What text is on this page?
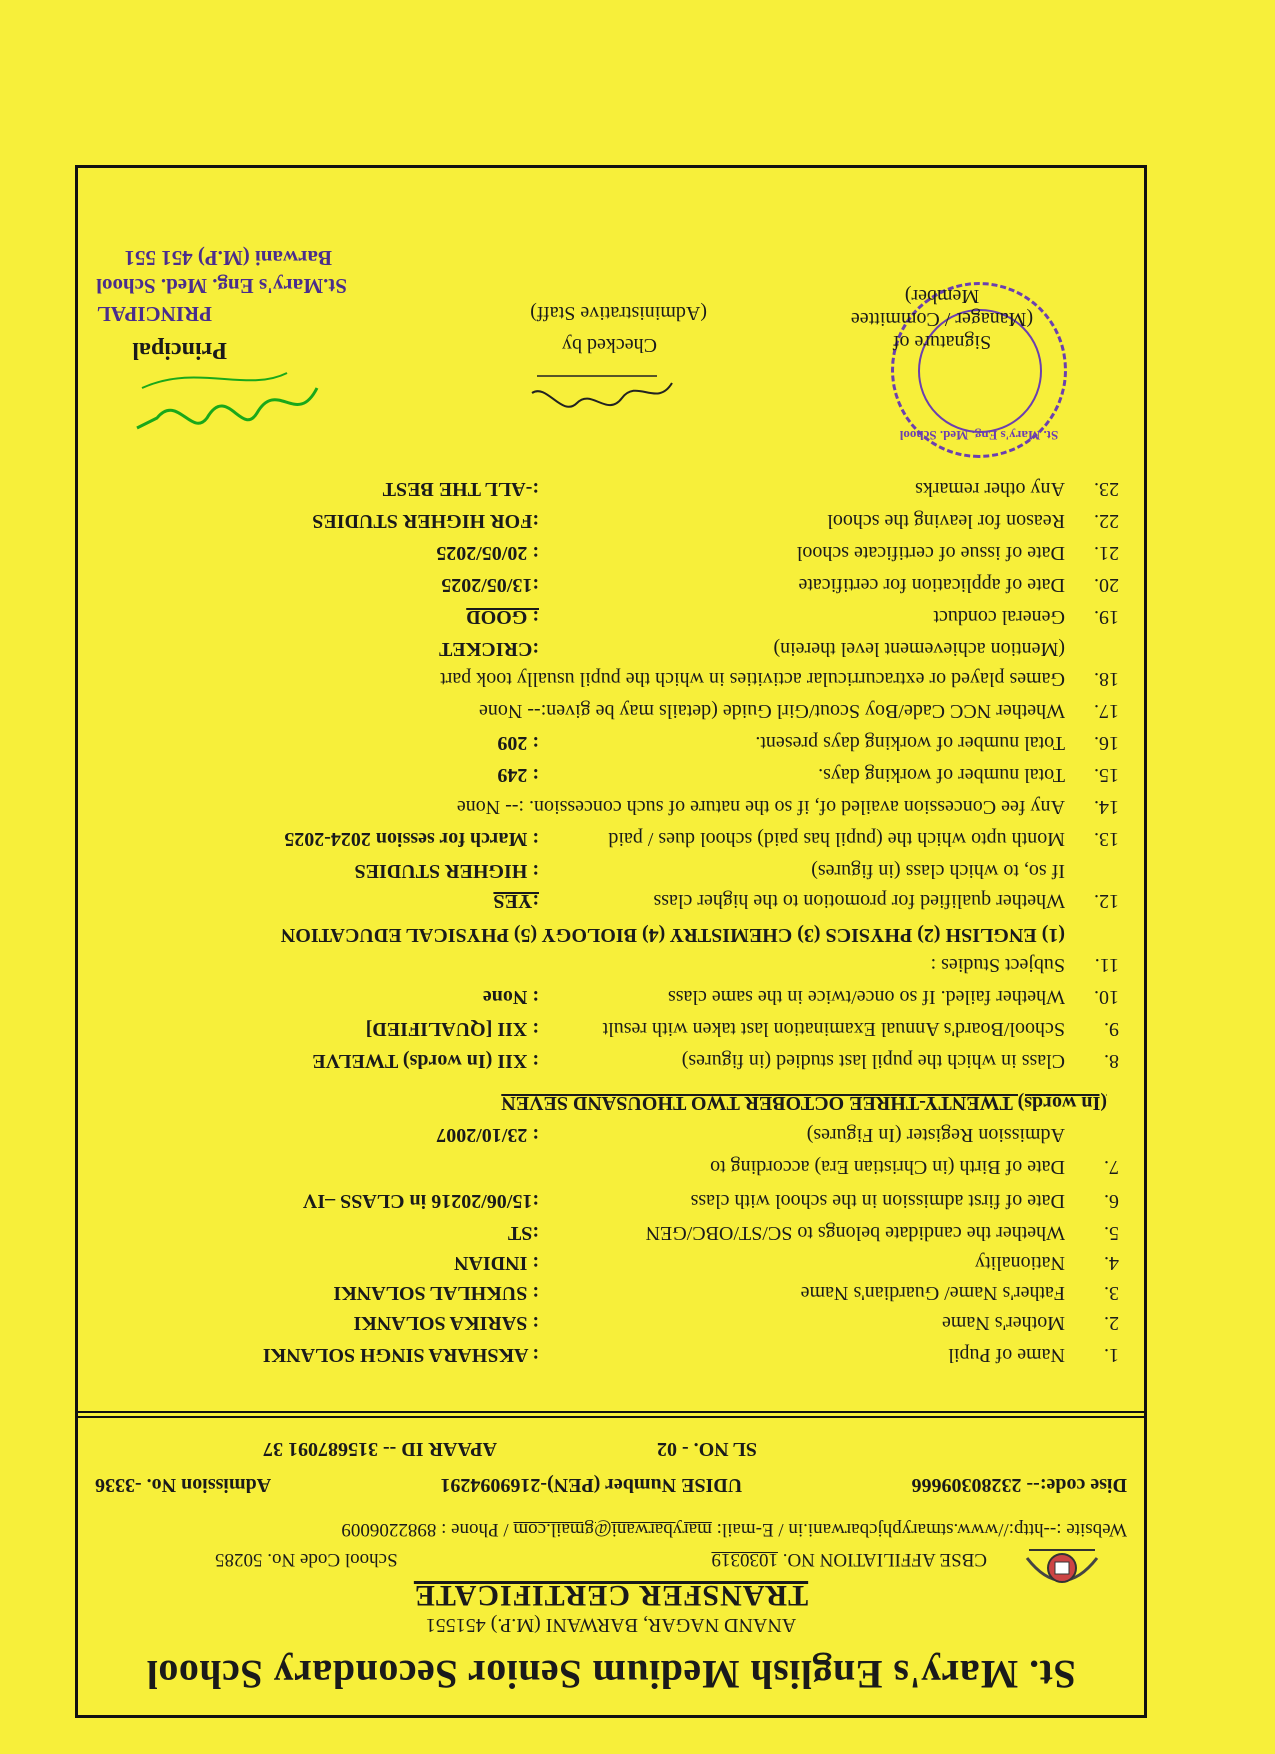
St. Mary's English Medium Senior Secondary School
ANAND NAGAR, BARWANI (M.P.) 451551
TRANSFER CERTIFICATE
CBSE AFFILIATION NO. 1030319
School Code No. 50285
Website :--http://www.stmaryphjcbarwani.in / E-mail: marybarwani@gmail.com / Phone : 8982206009
Dise code:-- 23280309666
UDISE Number (PEN)-2169094291
Admission No. -3336
SL NO. - 02
APAAR ID -- 315687091 37
1.
Name of Pupil
: AKSHARA SINGH SOLANKI
2.
Mother's Name
: SARIKA SOLANKI
3.
Father's Name/ Guardian's Name
: SUKHLAL SOLANKI
4.
Nationality
: INDIAN
5.
Whether the candidate belongs to SC/ST/OBC/GEN
:ST
6.
Date of first admission in the school with class
:15/06/20216 in CLASS –IV
7.
Date of Birth (in Christian Era) according to
Admission Register (In Figures)
: 23/10/2007
(In words) TWENTY-THREE OCTOBER TWO THOUSAND SEVEN
8.
Class in which the pupil last studied (in figures)
: XII (In words) TWELVE
9.
School/Board's Annual Examination last taken with result
: XII [QUALIFIED]
10.
Whether failed. If so once/twice in the same class
: None
11.
Subject Studies :
(1) ENGLISH (2) PHYSICS (3) CHEMISTRY (4) BIOLOGY (5) PHYSICAL EDUCATION
12.
Whether qualified for promotion to the higher class
:YES
If so, to which class (in figures)
: HIGHER STUDIES
13.
Month upto which the (pupil has paid) school dues / paid
: March for session 2024-2025
14.
Any fee Concession availed of, if so the nature of such concession. :-- None
15.
Total number of working days.
: 249
16.
Total number of working days present.
: 209
17.
Whether NCC Cade/Boy Scout/Girl Guide (details may be given:-- None
18.
Games played or extracurricular activities in which the pupil usually took part
(Mention achievement level therein)
:CRICKET
19.
General conduct
: GOOD
20.
Date of application for certificate
:13/05/2025
21.
Date of issue of certificate school
: 20/05/2025
22.
Reason for leaving the school
:FOR HIGHER STUDIES
23.
Any other remarks
:-ALL THE BEST
St. Mary's Eng. Med. School
Signature of
(Manager / Committee Member)
Checked by
(Administrative Staff)
Principal
PRINCIPAL
St.Mary's Eng. Med. School
Barwani (M.P) 451 551
